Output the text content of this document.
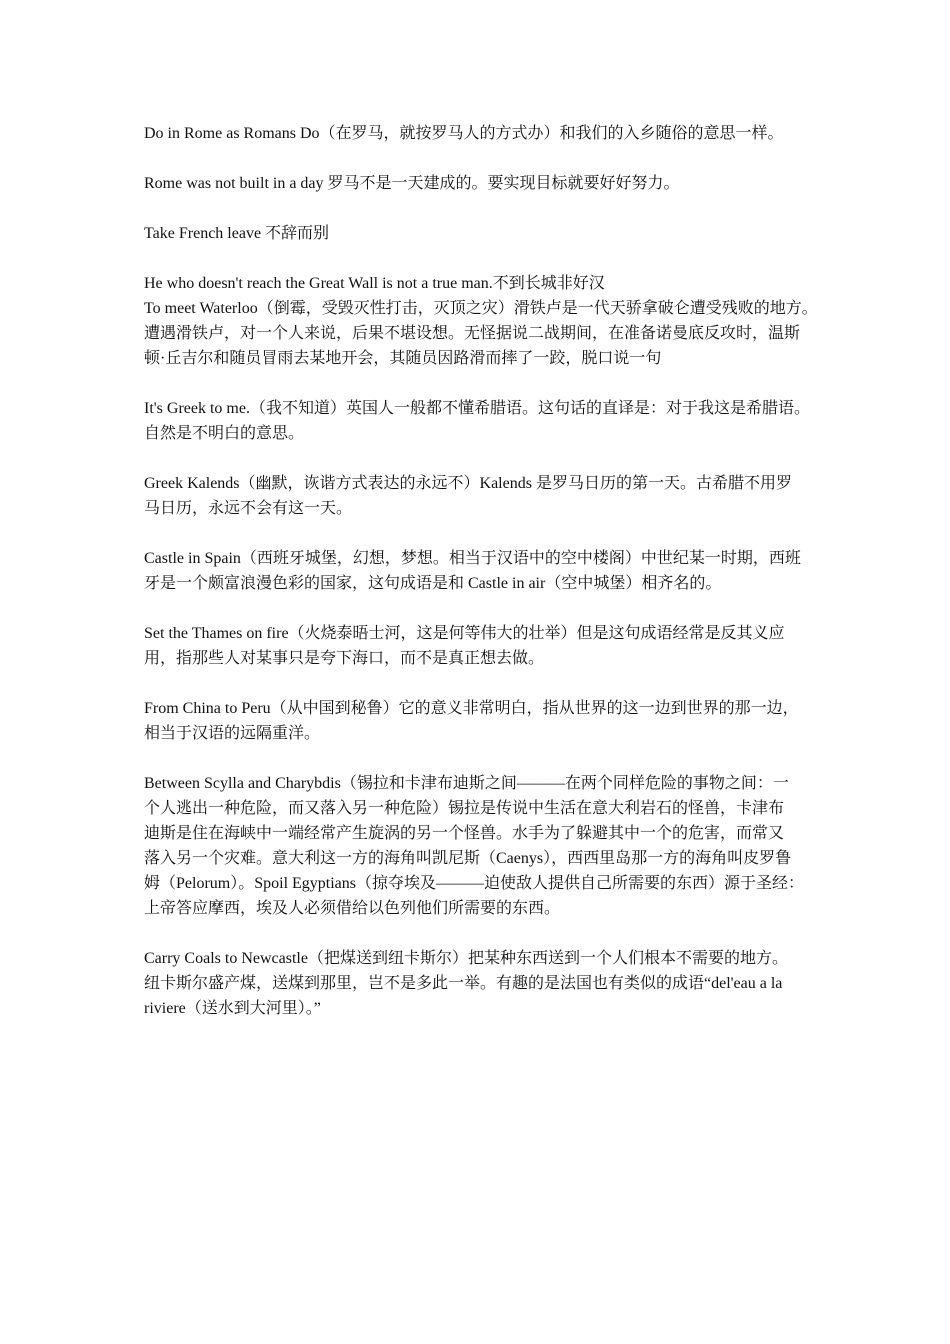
Do in Rome as Romans Do（在罗马，就按罗马人的方式办）和我们的入乡随俗的意思一样。

Rome was not built in a day 罗马不是一天建成的。要实现目标就要好好努力。

Take French leave 不辞而别

He who doesn't reach the Great Wall is not a true man.不到长城非好汉

To meet Waterloo（倒霉，受毁灭性打击，灭顶之灾）滑铁卢是一代天骄拿破仑遭受残败的地方。
遭遇滑铁卢，对一个人来说，后果不堪设想。无怪据说二战期间，在准备诺曼底反攻时，温斯
顿·丘吉尔和随员冒雨去某地开会，其随员因路滑而摔了一跤，脱口说一句

It's Greek to me.（我不知道）英国人一般都不懂希腊语。这句话的直译是：对于我这是希腊语。
自然是不明白的意思。

Greek Kalends（幽默，诙谐方式表达的永远不）Kalends 是罗马日历的第一天。古希腊不用罗
马日历，永远不会有这一天。

Castle in Spain（西班牙城堡，幻想，梦想。相当于汉语中的空中楼阁）中世纪某一时期，西班
牙是一个颇富浪漫色彩的国家，这句成语是和 Castle in air（空中城堡）相齐名的。

Set the Thames on fire（火烧泰晤士河，这是何等伟大的壮举）但是这句成语经常是反其义应
用，指那些人对某事只是夸下海口，而不是真正想去做。

From China to Peru（从中国到秘鲁）它的意义非常明白，指从世界的这一边到世界的那一边，
相当于汉语的远隔重洋。

Between Scylla and Charybdis（锡拉和卡津布迪斯之间———在两个同样危险的事物之间：一
个人逃出一种危险，而又落入另一种危险）锡拉是传说中生活在意大利岩石的怪兽，卡津布
迪斯是住在海峡中一端经常产生旋涡的另一个怪兽。水手为了躲避其中一个的危害，而常又
落入另一个灾难。意大利这一方的海角叫凯尼斯（Caenys），西西里岛那一方的海角叫皮罗鲁
姆（Pelorum）。Spoil Egyptians（掠夺埃及———迫使敌人提供自己所需要的东西）源于圣经：
上帝答应摩西，埃及人必须借给以色列他们所需要的东西。

Carry Coals to Newcastle（把煤送到纽卡斯尔）把某种东西送到一个人们根本不需要的地方。
纽卡斯尔盛产煤，送煤到那里，岂不是多此一举。有趣的是法国也有类似的成语“del'eau a la
riviere（送水到大河里）。”
